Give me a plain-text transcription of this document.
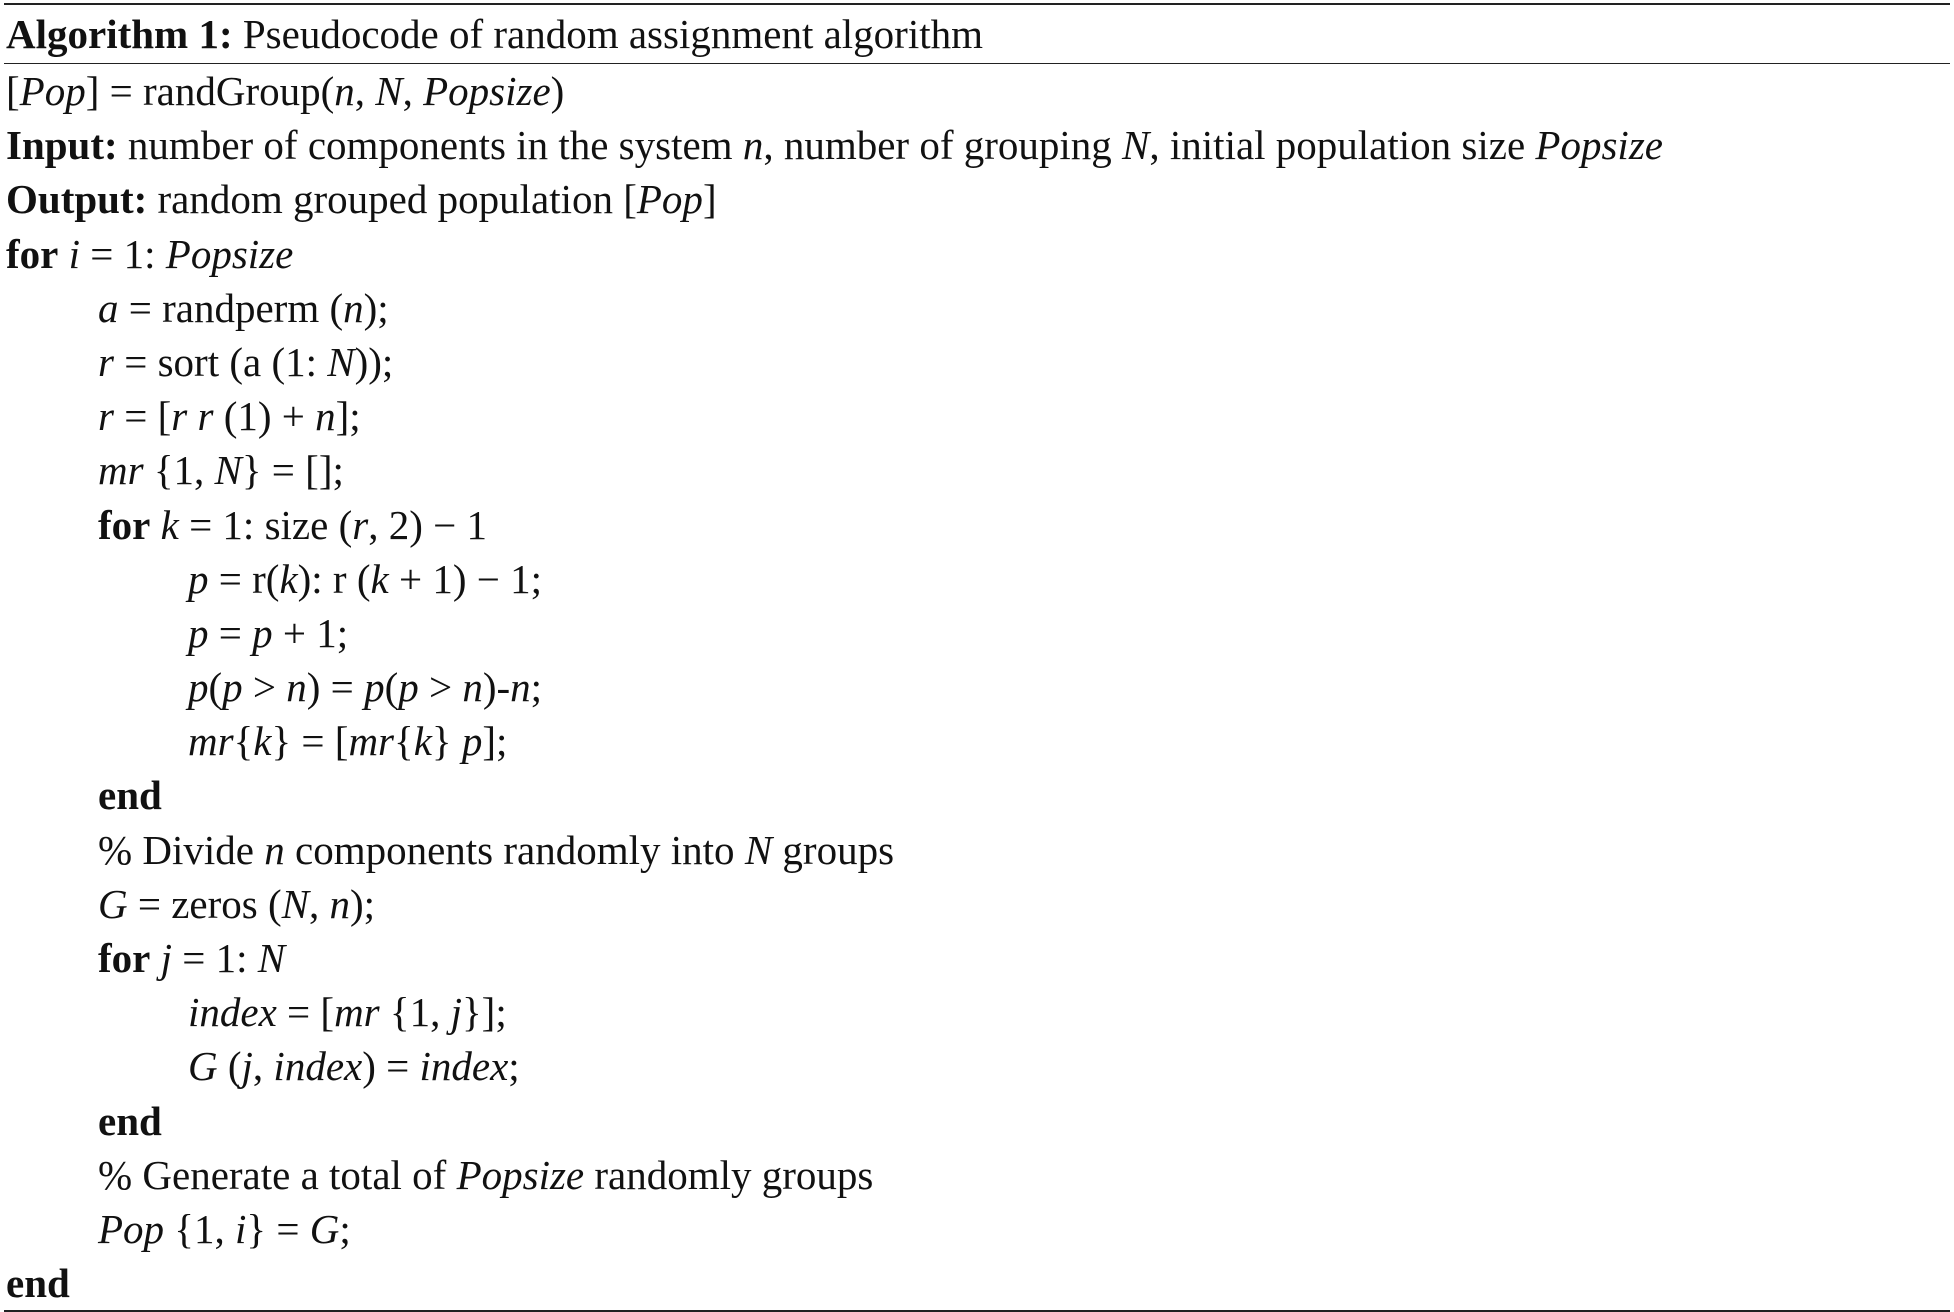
Algorithm 1: Pseudocode of random assignment algorithm
[Pop] = randGroup(n, N, Popsize)
Input: number of components in the system n, number of grouping N, initial population size Popsize
Output: random grouped population [Pop]
for i = 1: Popsize
a = randperm (n);
r = sort (a (1: N));
r = [r r (1) + n];
mr {1, N} = [];
for k = 1: size (r, 2) − 1
p = r(k): r (k + 1) − 1;
p = p + 1;
p(p > n) = p(p > n)-n;
mr{k} = [mr{k} p];
end
% Divide n components randomly into N groups
G = zeros (N, n);
for j = 1: N
index = [mr {1, j}];
G (j, index) = index;
end
% Generate a total of Popsize randomly groups
Pop {1, i} = G;
end
